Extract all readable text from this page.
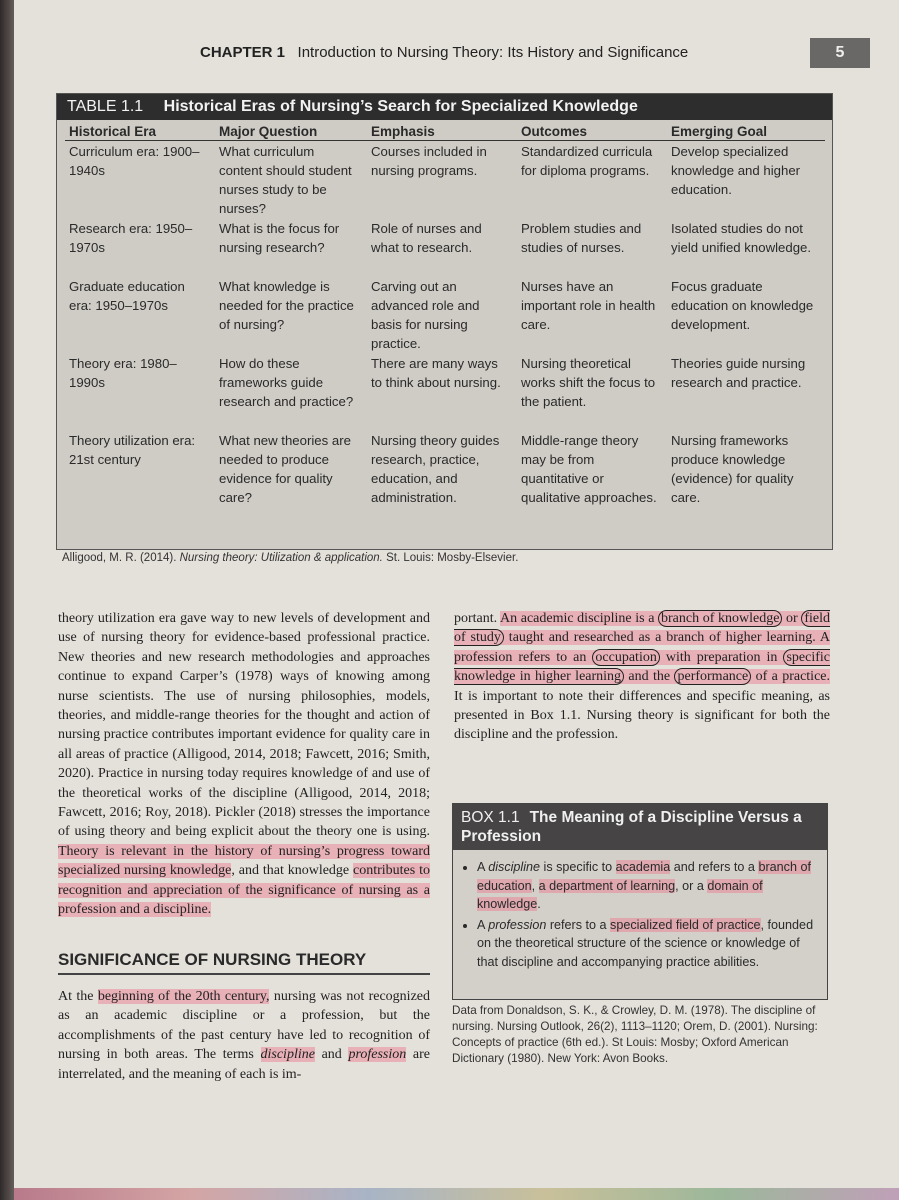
CHAPTER 1 Introduction to Nursing Theory: Its History and Significance	5
TABLE 1.1 Historical Eras of Nursing’s Search for Specialized Knowledge
Historical Era	Major Question	Emphasis	Outcomes	Emerging Goal
Curriculum era: 1900–1940s	What curriculum content should student nurses study to be nurses?	Courses included in nursing programs.	Standardized curricula for diploma programs.	Develop specialized knowledge and higher education.
Research era: 1950–1970s	What is the focus for nursing research?	Role of nurses and what to research.	Problem studies and studies of nurses.	Isolated studies do not yield unified knowledge.
Graduate education era: 1950–1970s	What knowledge is needed for the practice of nursing?	Carving out an advanced role and basis for nursing practice.	Nurses have an important role in health care.	Focus graduate education on knowledge development.
Theory era: 1980–1990s	How do these frameworks guide research and practice?	There are many ways to think about nursing.	Nursing theoretical works shift the focus to the patient.	Theories guide nursing research and practice.
Theory utilization era: 21st century	What new theories are needed to produce evidence for quality care?	Nursing theory guides research, practice, education, and administration.	Middle-range theory may be from quantitative or qualitative approaches.	Nursing frameworks produce knowledge (evidence) for quality care.
Alligood, M. R. (2014). Nursing theory: Utilization & application. St. Louis: Mosby-Elsevier.
theory utilization era gave way to new levels of development and use of nursing theory for evidence-based professional practice. New theories and new research methodologies and approaches continue to expand Carper’s (1978) ways of knowing among nurse scientists. The use of nursing philosophies, models, theories, and middle-range theories for the thought and action of nursing practice contributes important evidence for quality care in all areas of practice (Alligood, 2014, 2018; Fawcett, 2016; Smith, 2020). Practice in nursing today requires knowledge of and use of the theoretical works of the discipline (Alligood, 2014, 2018; Fawcett, 2016; Roy, 2018). Pickler (2018) stresses the importance of using theory and being explicit about the theory one is using. Theory is relevant in the history of nursing’s progress toward specialized nursing knowledge, and that knowledge contributes to recognition and appreciation of the significance of nursing as a profession and a discipline.
SIGNIFICANCE OF NURSING THEORY
At the beginning of the 20th century, nursing was not recognized as an academic discipline or a profession, but the accomplishments of the past century have led to recognition of nursing in both areas. The terms discipline and profession are interrelated, and the meaning of each is im-
portant. An academic discipline is a branch of knowledge or field of study taught and researched as a branch of higher learning. A profession refers to an occupation with preparation in specific knowledge in higher learning and the performance of a practice. It is important to note their differences and specific meaning, as presented in Box 1.1. Nursing theory is significant for both the discipline and the profession.
BOX 1.1 The Meaning of a Discipline Versus a Profession
• A discipline is specific to academia and refers to a branch of education, a department of learning, or a domain of knowledge.
• A profession refers to a specialized field of practice, founded on the theoretical structure of the science or knowledge of that discipline and accompanying practice abilities.
Data from Donaldson, S. K., & Crowley, D. M. (1978). The discipline of nursing. Nursing Outlook, 26(2), 1113–1120; Orem, D. (2001). Nursing: Concepts of practice (6th ed.). St Louis: Mosby; Oxford American Dictionary (1980). New York: Avon Books.
